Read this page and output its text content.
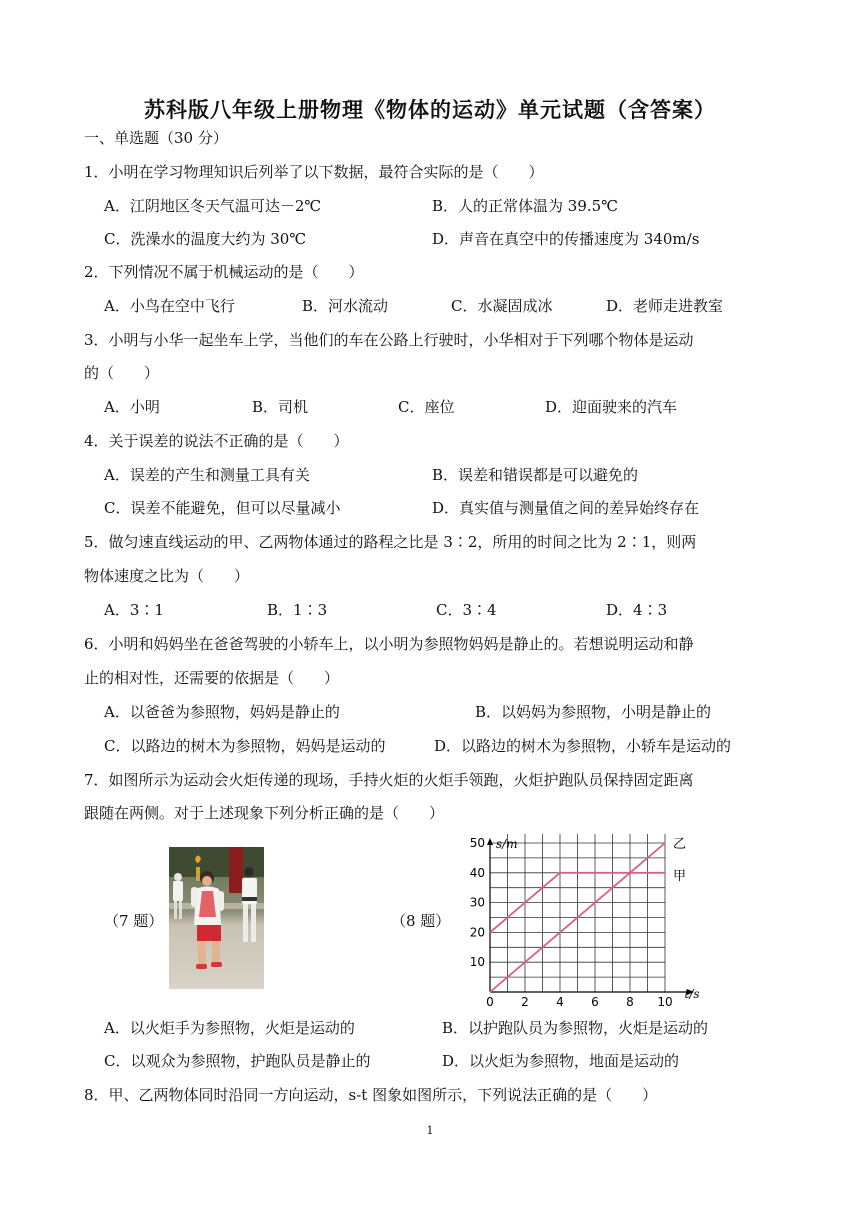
苏科版八年级上册物理《物体的运动》单元试题（含答案）
一、单选题（30 分）
1．小明在学习物理知识后列举了以下数据，最符合实际的是（　　）
A．江阴地区冬天气温可达－2℃	B．人的正常体温为 39.5℃
C．洗澡水的温度大约为 30℃	D．声音在真空中的传播速度为 340m/s
2．下列情况不属于机械运动的是（　　）
A．小鸟在空中飞行	B．河水流动	C．水凝固成冰	D．老师走进教室
3．小明与小华一起坐车上学，当他们的车在公路上行驶时，小华相对于下列哪个物体是运动
的（　　）
A．小明	B．司机	C．座位	D．迎面驶来的汽车
4．关于误差的说法不正确的是（　　）
A．误差的产生和测量工具有关	B．误差和错误都是可以避免的
C．误差不能避免，但可以尽量减小	D．真实值与测量值之间的差异始终存在
5．做匀速直线运动的甲、乙两物体通过的路程之比是 3∶2，所用的时间之比为 2∶1，则两
物体速度之比为（　　）
A．3∶1	B．1∶3	C．3∶4	D．4∶3
6．小明和妈妈坐在爸爸驾驶的小轿车上，以小明为参照物妈妈是静止的。若想说明运动和静
止的相对性，还需要的依据是（　　）
A．以爸爸为参照物，妈妈是静止的	B．以妈妈为参照物，小明是静止的
C．以路边的树木为参照物，妈妈是运动的	D．以路边的树木为参照物，小轿车是运动的
7．如图所示为运动会火炬传递的现场，手持火炬的火炬手领跑，火炬护跑队员保持固定距离
跟随在两侧。对于上述现象下列分析正确的是（　　）
（7 题）	（8 题）
s/m
t/s
0 2 4 6 8 10
10
20
30
40
50
甲
乙
A．以火炬手为参照物，火炬是运动的	B．以护跑队员为参照物，火炬是运动的
C．以观众为参照物，护跑队员是静止的	D．以火炬为参照物，地面是运动的
8．甲、乙两物体同时沿同一方向运动，s-t 图象如图所示，下列说法正确的是（　　）
1
